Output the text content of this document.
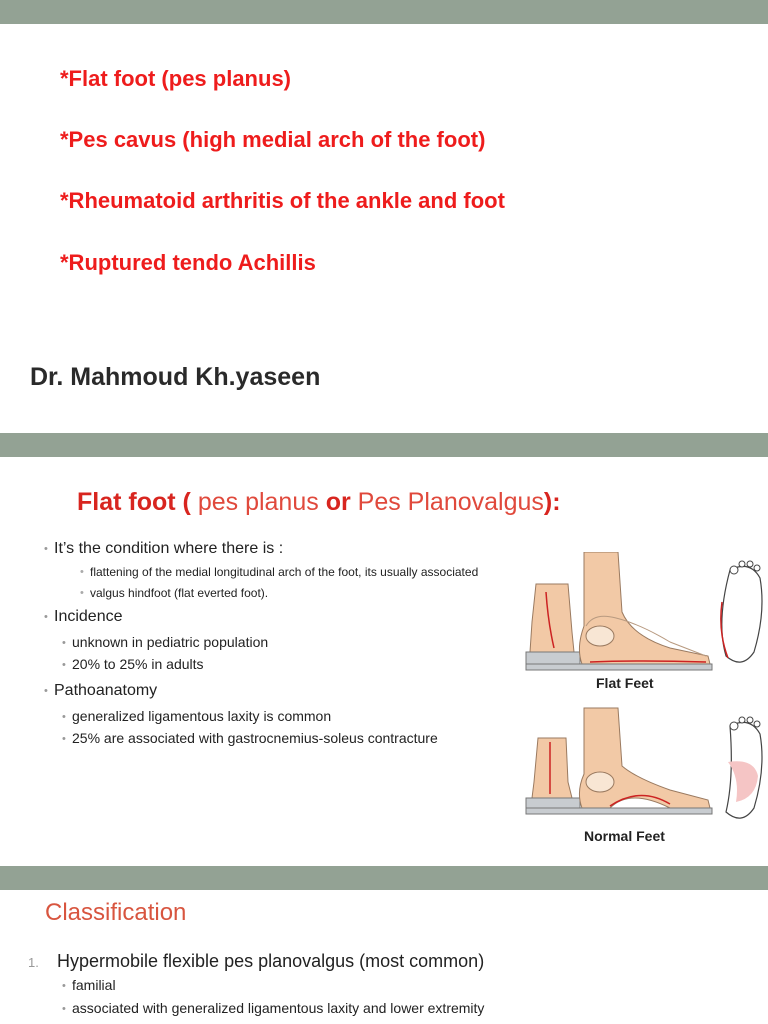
*Flat foot (pes planus)
*Pes cavus (high medial arch of the foot)
*Rheumatoid arthritis of the ankle and foot
*Ruptured tendo Achillis
Dr. Mahmoud Kh.yaseen
Flat foot ( pes planus or Pes Planovalgus):
• It’s the condition where there is :
• flattening of the medial longitudinal arch of the foot, its usually associated
• valgus hindfoot (flat everted foot).
• Incidence
• unknown in pediatric population
• 20% to 25% in adults
• Pathoanatomy
• generalized ligamentous laxity is common
• 25% are associated with gastrocnemius-soleus contracture
Flat Feet
Normal Feet
Classification
1. Hypermobile flexible pes planovalgus (most common)
• familial
• associated with generalized ligamentous laxity and lower extremity
